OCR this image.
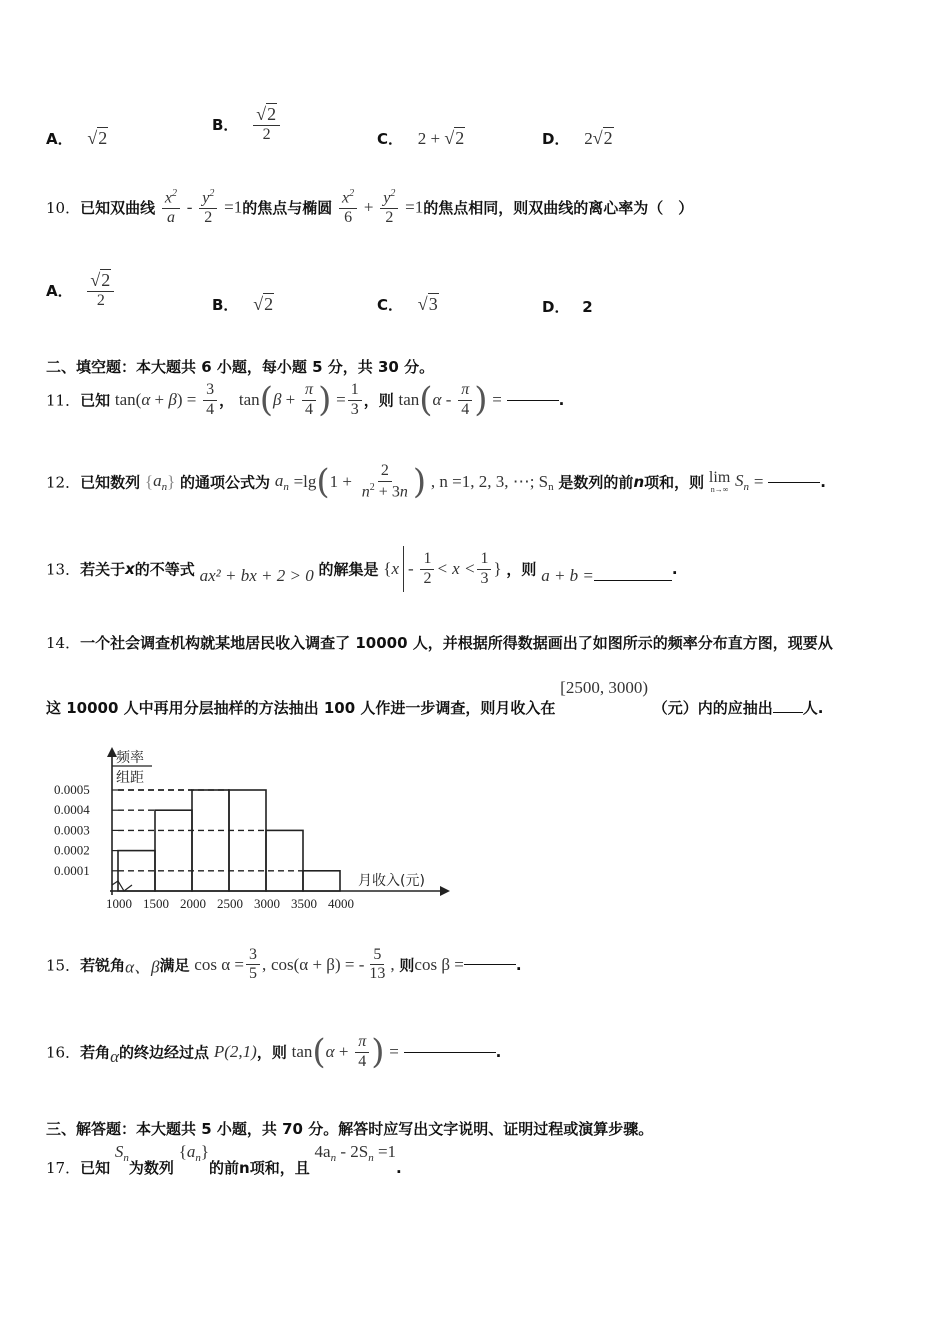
A． √2
B． $\frac{√2}{2}$	C． 2 + √2	D． 2√2
10．已知双曲线 $\frac{x^2}{a} - \frac{y^2}{2} =1$的焦点与椭圆 $\frac{x^2}{6} + \frac{y^2}{2} =1$的焦点相同，则双曲线的离心率为（　）
A． $\frac{√2}{2}$	B． √2	C． √3	D． 2
二、填空题：本大题共 6 小题，每小题 5 分，共 30 分。
11．已知 $\tan(\alpha + \beta) = \frac{3}{4}$ ， $\tan(\beta + \frac{\pi}{4}$ ) = $\frac{1}{3}$ ，则 $\tan(\alpha - \frac{\pi}{4}$ ) =	.
12．已知数列 $\{a_n\}$ 的通项公式为 $a_n =\lg(1 + \frac{2}{n^2 + 3n}$ ) , n =1, 2, 3, ⋯; $S_n$ 是数列的前n项和，则 lim
n→∞ $S_n$ =	.
13．若关于x的不等式 ax² + bx + 2 > 0 的解集是 {$x - \frac{1}{2} < x < \frac{1}{3}$ } ，则 a + b =	.
14．一个社会调查机构就某地居民收入调查了 10000 人，并根据所得数据画出了如图所示的频率分布直方图，现要从
这 10000 人中再用分层抽样的方法抽出 100 人作进一步调查，则月收入在 [2500, 3000) （元）内的应抽出 人.
频率
组距
0.0001
0.0002
0.0003
0.0004
0.0005
1000 1500 2000 2500 3000 3500 4000
月收入(元)
15．若锐角α、β满足 $\cos \alpha = \frac{3}{5}$ , cos(α + β) = - $\frac{5}{13}$ , 则cos β =	.
16．若角α的终边经过点 P(2,1)，则 $\tan(\alpha + \frac{\pi}{4}$ ) =	.
三、解答题：本大题共 5 小题，共 70 分。解答时应写出文字说明、证明过程或演算步骤。
17．已知 $S_n$为数列 $\{a_n\}$的前n项和，且 $4a_n - 2S_n =1$.
